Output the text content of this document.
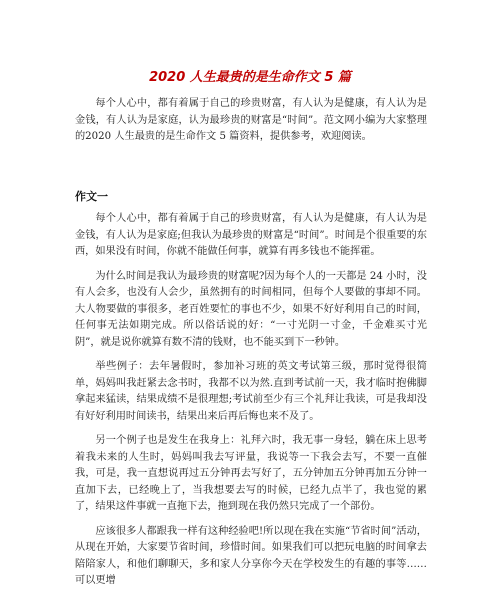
2020 人生最贵的是生命作文 5 篇

每个人心中，都有着属于自己的珍贵财富，有人认为是健康，有人认为是金钱，有人认为是家庭，认为最珍贵的财富是“时间”。范文网小编为大家整理的2020 人生最贵的是生命作文 5 篇资料，提供参考，欢迎阅读。

作文一

每个人心中，都有着属于自己的珍贵财富，有人认为是健康，有人认为是金钱，有人认为是家庭;但我认为最珍贵的财富是“时间”。时间是个很重要的东西，如果没有时间，你就不能做任何事，就算有再多钱也不能挥霍。

为什么时间是我认为最珍贵的财富呢?因为每个人的一天都是 24 小时，没有人会多，也没有人会少，虽然拥有的时间相同，但每个人要做的事却不同。大人物要做的事很多，老百姓要忙的事也不少，如果不好好利用自己的时间，任何事无法如期完成。所以俗话说的好：“一寸光阴一寸金，千金难买寸光阴”，就是说你就算有数不清的钱财，也不能买到下一秒钟。

举些例子：去年暑假时，参加补习班的英文考试第三级，那时觉得很简单，妈妈叫我赶紧去念书时，我都不以为然.直到考试前一天，我才临时抱佛脚拿起来猛读，结果成绩不是很理想;考试前至少有三个礼拜让我读，可是我却没有好好利用时间读书，结果出来后再后悔也来不及了。

另一个例子也是发生在我身上：礼拜六时，我无事一身轻，躺在床上思考着我未来的人生时，妈妈叫我去写评量，我说等一下我会去写，不要一直催我，可是，我一直想说再过五分钟再去写好了，五分钟加五分钟再加五分钟一直加下去，已经晚上了，当我想要去写的时候，已经九点半了，我也觉的累了，结果这件事就一直拖下去，拖到现在我仍然只完成了一个部份。

应该很多人都跟我一样有这种经验吧!所以现在我在实施“节省时间”活动，从现在开始，大家要节省时间，珍惜时间。如果我们可以把玩电脑的时间拿去陪陪家人，和他们聊聊天，多和家人分享你今天在学校发生的有趣的事等……可以更增
